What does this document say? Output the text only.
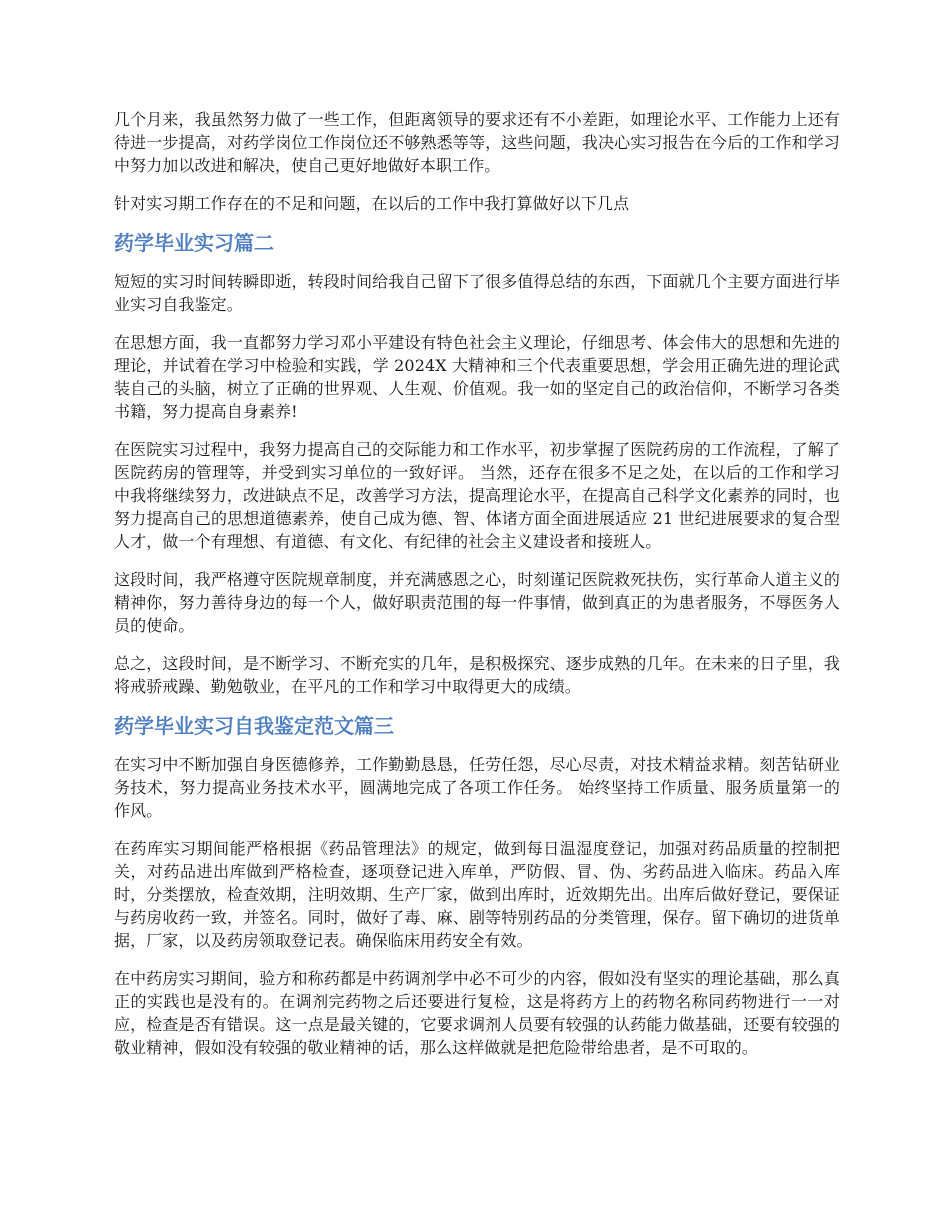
几个月来，我虽然努力做了一些工作，但距离领导的要求还有不小差距，如理论水平、工作能力上还有待进一步提高，对药学岗位工作岗位还不够熟悉等等，这些问题，我决心实习报告在今后的工作和学习中努力加以改进和解决，使自己更好地做好本职工作。

针对实习期工作存在的不足和问题，在以后的工作中我打算做好以下几点

药学毕业实习篇二

短短的实习时间转瞬即逝，转段时间给我自己留下了很多值得总结的东西，下面就几个主要方面进行毕业实习自我鉴定。

在思想方面，我一直都努力学习邓小平建设有特色社会主义理论，仔细思考、体会伟大的思想和先进的理论，并试着在学习中检验和实践，学 2024X 大精神和三个代表重要思想，学会用正确先进的理论武装自己的头脑，树立了正确的世界观、人生观、价值观。我一如的坚定自己的政治信仰，不断学习各类书籍，努力提高自身素养!

在医院实习过程中，我努力提高自己的交际能力和工作水平，初步掌握了医院药房的工作流程，了解了医院药房的管理等，并受到实习单位的一致好评。 当然，还存在很多不足之处，在以后的工作和学习中我将继续努力，改进缺点不足，改善学习方法，提高理论水平，在提高自己科学文化素养的同时，也努力提高自己的思想道德素养，使自己成为德、智、体诸方面全面进展适应 21 世纪进展要求的复合型人才，做一个有理想、有道德、有文化、有纪律的社会主义建设者和接班人。

这段时间，我严格遵守医院规章制度，并充满感恩之心，时刻谨记医院救死扶伤，实行革命人道主义的精神你，努力善待身边的每一个人，做好职责范围的每一件事情，做到真正的为患者服务，不辱医务人员的使命。

总之，这段时间，是不断学习、不断充实的几年，是积极探究、逐步成熟的几年。在未来的日子里，我将戒骄戒躁、勤勉敬业，在平凡的工作和学习中取得更大的成绩。

药学毕业实习自我鉴定范文篇三

在实习中不断加强自身医德修养，工作勤勤恳恳，任劳任怨，尽心尽责，对技术精益求精。刻苦钻研业务技术，努力提高业务技术水平，圆满地完成了各项工作任务。 始终坚持工作质量、服务质量第一的作风。

在药库实习期间能严格根据《药品管理法》的规定，做到每日温湿度登记，加强对药品质量的控制把关，对药品进出库做到严格检查，逐项登记进入库单，严防假、冒、伪、劣药品进入临床。药品入库时，分类摆放，检查效期，注明效期、生产厂家，做到出库时，近效期先出。出库后做好登记，要保证与药房收药一致，并签名。同时，做好了毒、麻、剧等特别药品的分类管理，保存。留下确切的进货单据，厂家，以及药房领取登记表。确保临床用药安全有效。

在中药房实习期间，验方和称药都是中药调剂学中必不可少的内容，假如没有坚实的理论基础，那么真正的实践也是没有的。在调剂完药物之后还要进行复检，这是将药方上的药物名称同药物进行一一对应，检查是否有错误。这一点是最关键的，它要求调剂人员要有较强的认药能力做基础，还要有较强的敬业精神，假如没有较强的敬业精神的话，那么这样做就是把危险带给患者，是不可取的。
